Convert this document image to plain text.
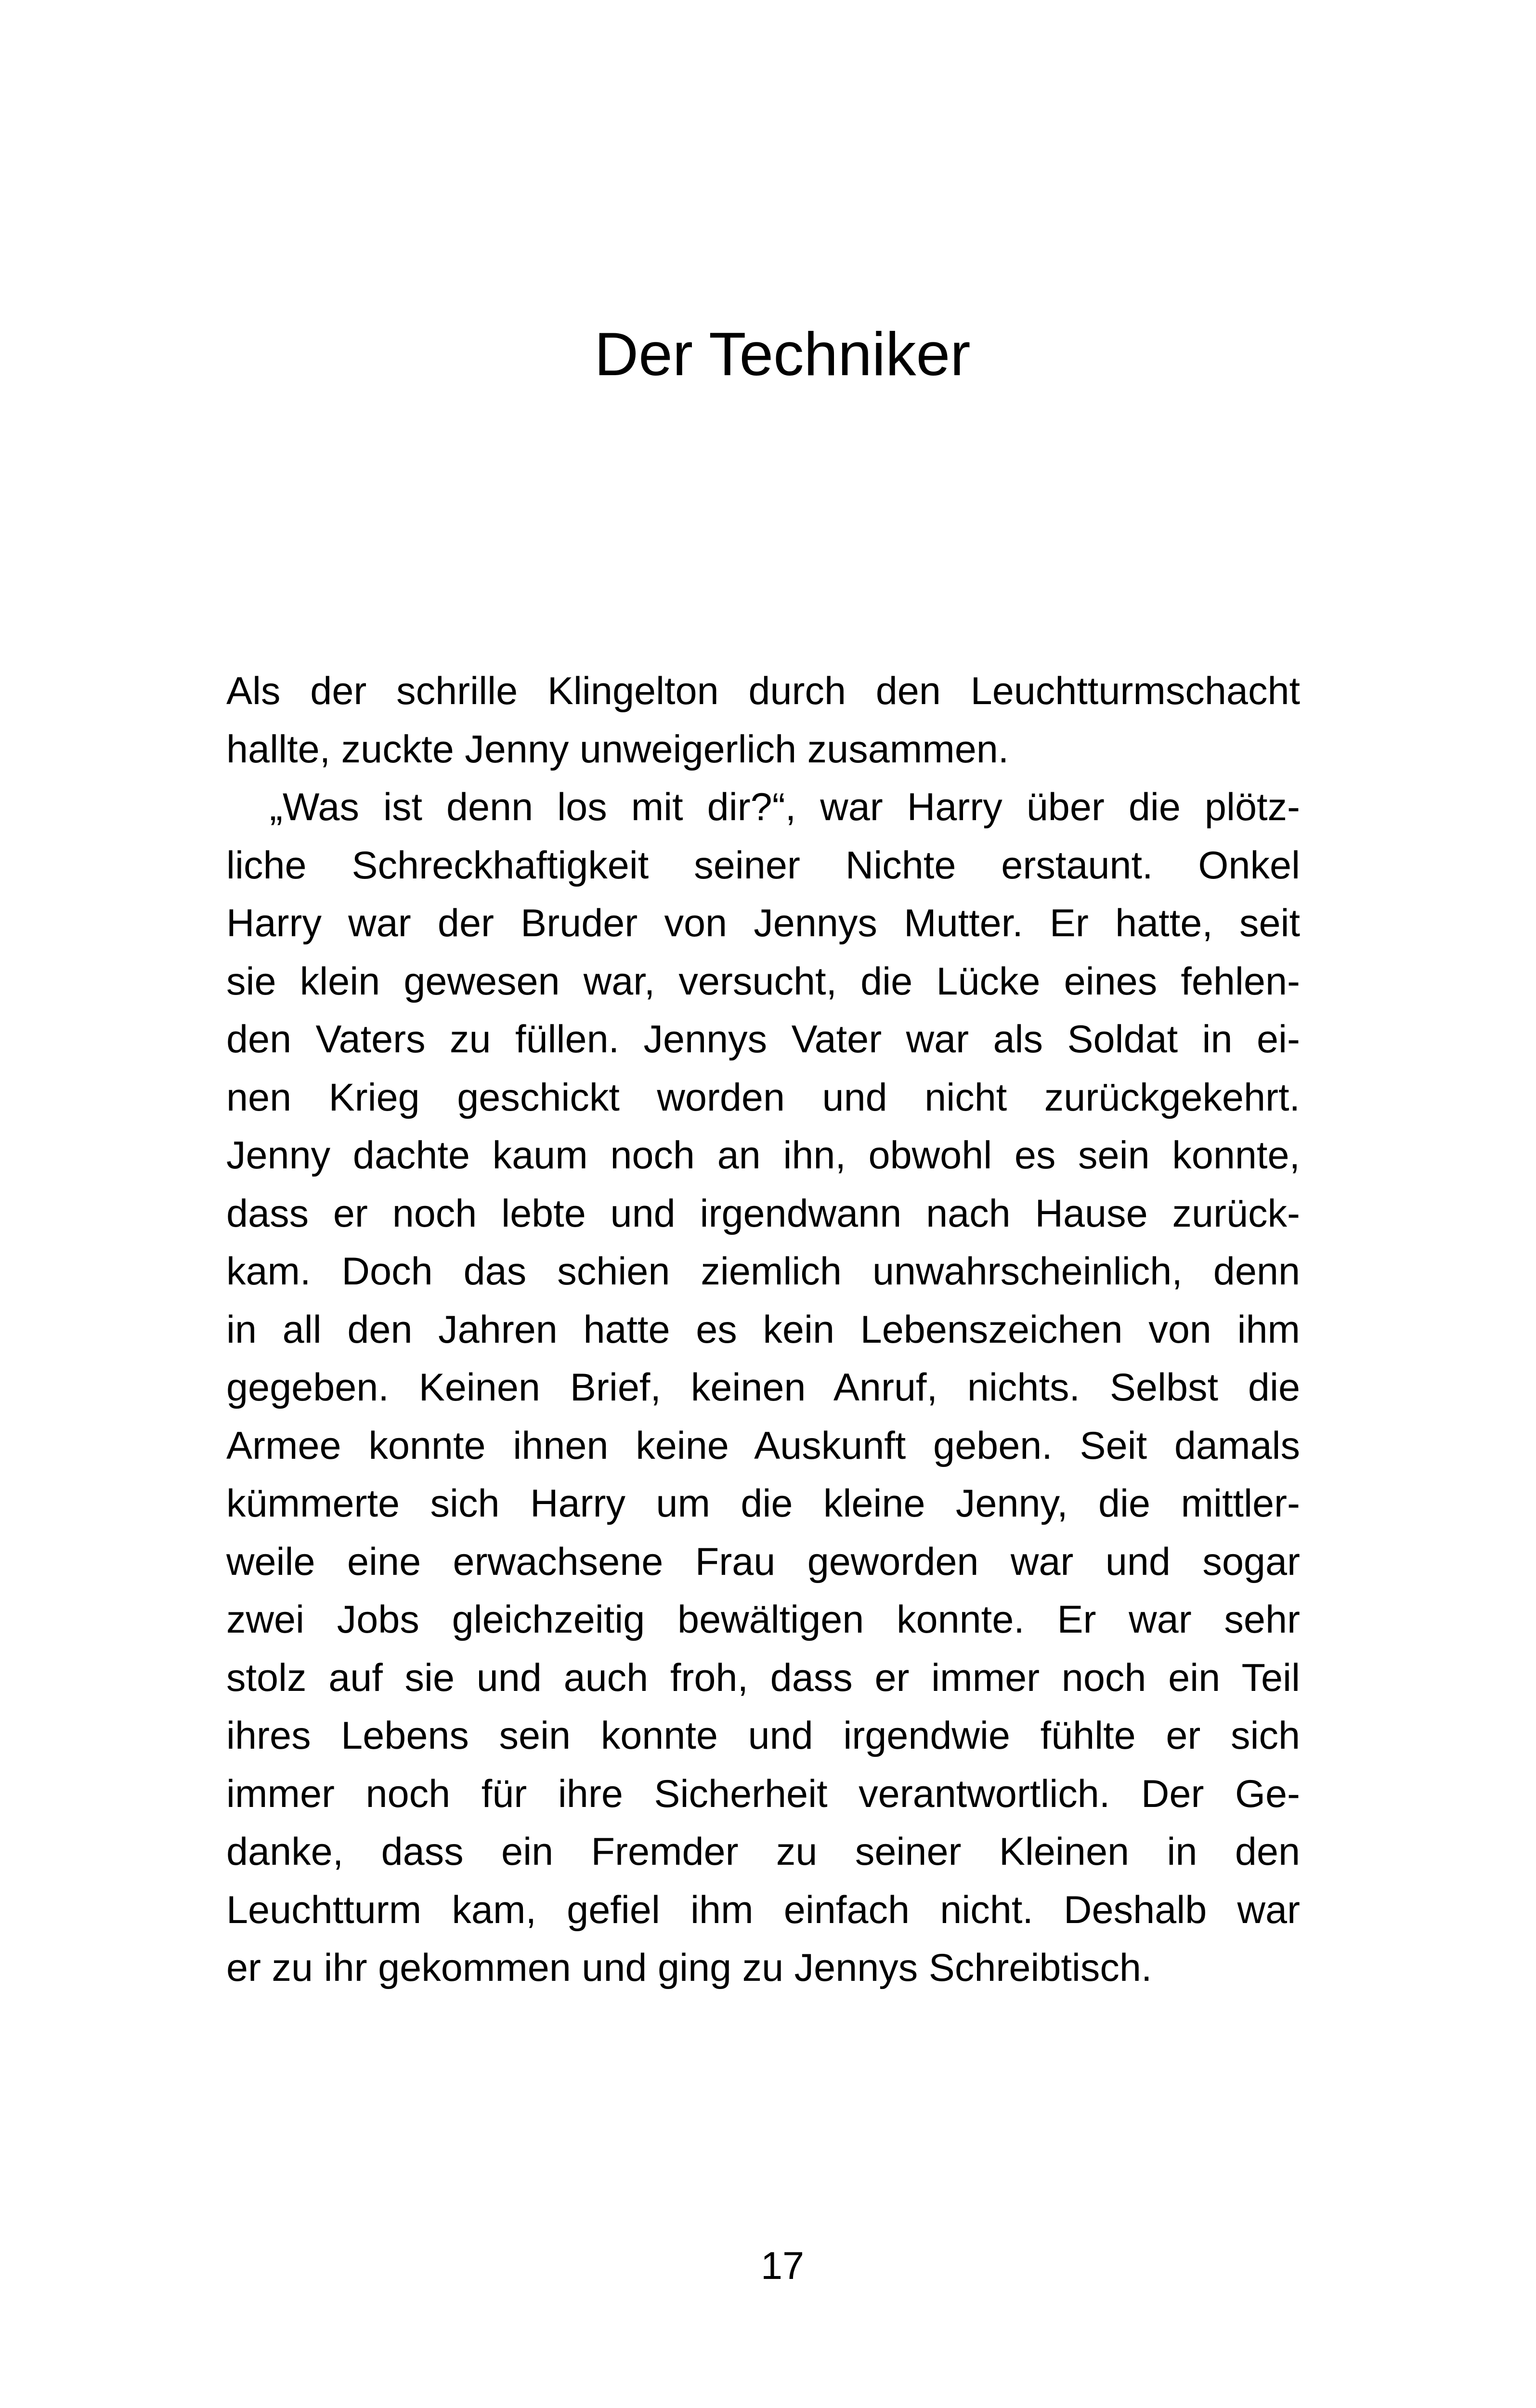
Der Techniker
Als der schrille Klingelton durch den Leuchtturmschacht
hallte, zuckte Jenny unweigerlich zusammen.
„Was ist denn los mit dir?“, war Harry über die plötz-
liche Schreckhaftigkeit seiner Nichte erstaunt. Onkel
Harry war der Bruder von Jennys Mutter. Er hatte, seit
sie klein gewesen war, versucht, die Lücke eines fehlen-
den Vaters zu füllen. Jennys Vater war als Soldat in ei-
nen Krieg geschickt worden und nicht zurückgekehrt.
Jenny dachte kaum noch an ihn, obwohl es sein konnte,
dass er noch lebte und irgendwann nach Hause zurück-
kam. Doch das schien ziemlich unwahrscheinlich, denn
in all den Jahren hatte es kein Lebenszeichen von ihm
gegeben. Keinen Brief, keinen Anruf, nichts. Selbst die
Armee konnte ihnen keine Auskunft geben. Seit damals
kümmerte sich Harry um die kleine Jenny, die mittler-
weile eine erwachsene Frau geworden war und sogar
zwei Jobs gleichzeitig bewältigen konnte. Er war sehr
stolz auf sie und auch froh, dass er immer noch ein Teil
ihres Lebens sein konnte und irgendwie fühlte er sich
immer noch für ihre Sicherheit verantwortlich. Der Ge-
danke, dass ein Fremder zu seiner Kleinen in den
Leuchtturm kam, gefiel ihm einfach nicht. Deshalb war
er zu ihr gekommen und ging zu Jennys Schreibtisch.
17
